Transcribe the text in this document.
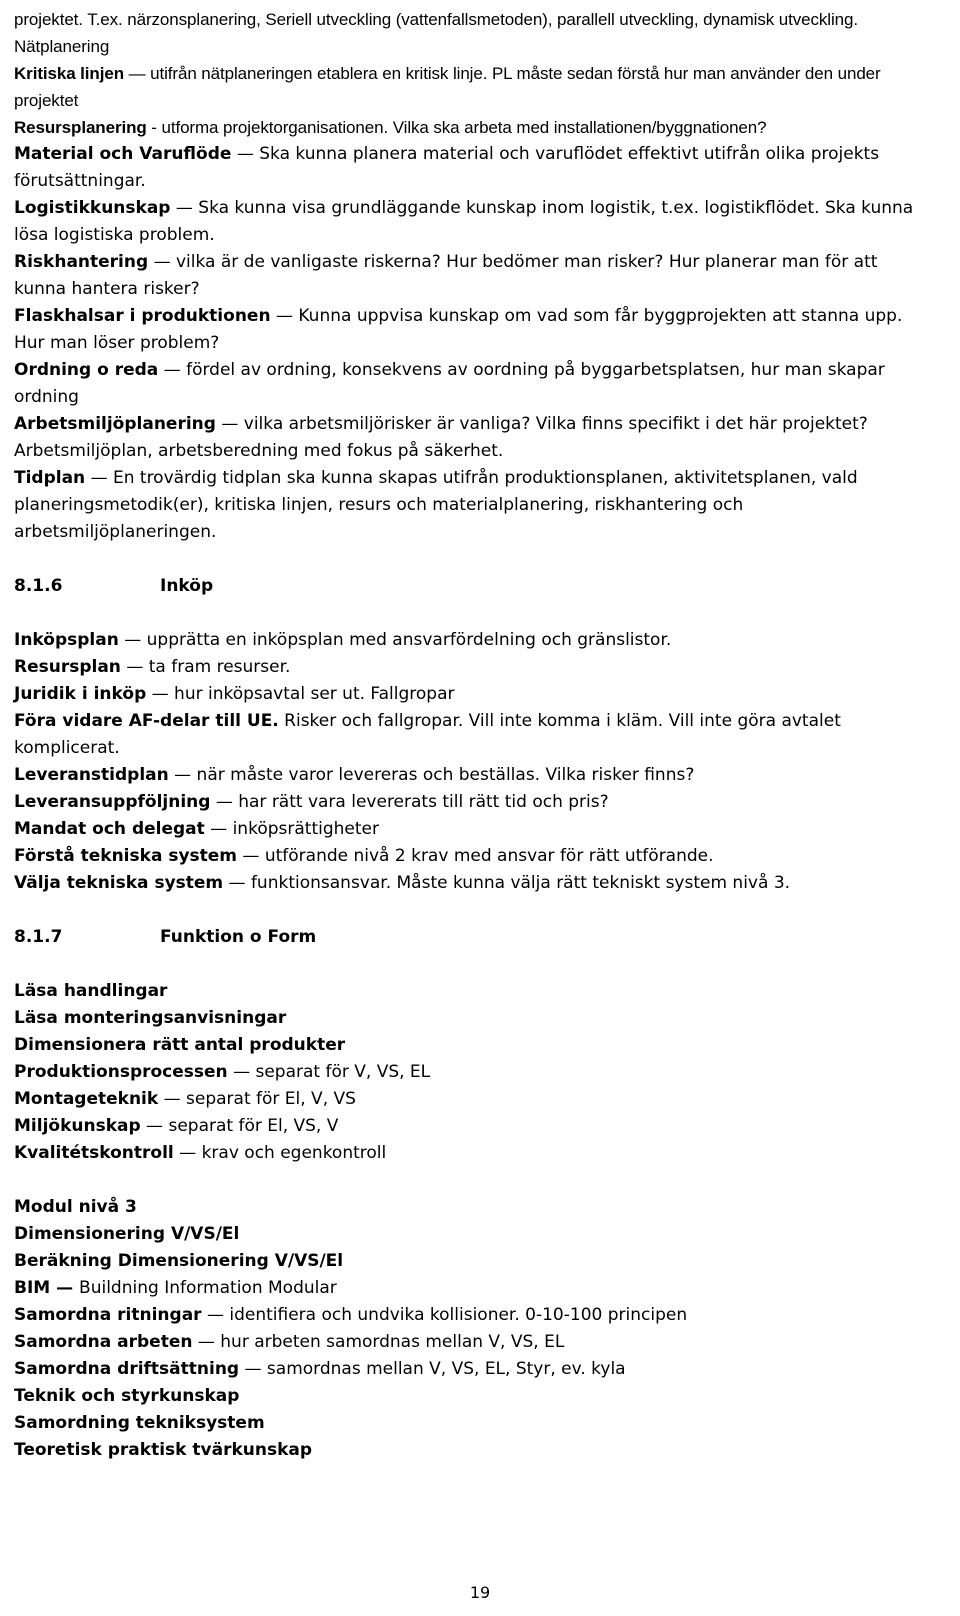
projektet. T.ex. närzonsplanering, Seriell utveckling (vattenfallsmetoden), parallell utveckling, dynamisk utveckling. Nätplanering

Kritiska linjen — utifrån nätplaneringen etablera en kritisk linje. PL måste sedan förstå hur man använder den under projektet

Resursplanering - utforma projektorganisationen. Vilka ska arbeta med installationen/byggnationen?

Material och Varuflöde — Ska kunna planera material och varuflödet effektivt utifrån olika projekts förutsättningar.

Logistikkunskap — Ska kunna visa grundläggande kunskap inom logistik, t.ex. logistikflödet. Ska kunna lösa logistiska problem.

Riskhantering — vilka är de vanligaste riskerna? Hur bedömer man risker? Hur planerar man för att kunna hantera risker?

Flaskhalsar i produktionen — Kunna uppvisa kunskap om vad som får byggprojekten att stanna upp. Hur man löser problem?

Ordning o reda — fördel av ordning, konsekvens av oordning på byggarbetsplatsen, hur man skapar ordning

Arbetsmiljöplanering — vilka arbetsmiljörisker är vanliga? Vilka finns specifikt i det här projektet? Arbetsmiljöplan, arbetsberedning med fokus på säkerhet.

Tidplan — En trovärdig tidplan ska kunna skapas utifrån produktionsplanen, aktivitetsplanen, vald planeringsmetodik(er), kritiska linjen, resurs och materialplanering, riskhantering och arbetsmiljöplaneringen.

8.1.6	Inköp

Inköpsplan — upprätta en inköpsplan med ansvarfördelning och gränslistor.

Resursplan — ta fram resurser.

Juridik i inköp — hur inköpsavtal ser ut. Fallgropar

Föra vidare AF-delar till UE. Risker och fallgropar. Vill inte komma i kläm. Vill inte göra avtalet komplicerat.

Leveranstidplan — när måste varor levereras och beställas. Vilka risker finns?

Leveransuppföljning — har rätt vara levererats till rätt tid och pris?

Mandat och delegat — inköpsrättigheter

Förstå tekniska system — utförande nivå 2 krav med ansvar för rätt utförande.

Välja tekniska system — funktionsansvar. Måste kunna välja rätt tekniskt system nivå 3.

8.1.7	Funktion o Form

Läsa handlingar

Läsa monteringsanvisningar

Dimensionera rätt antal produkter

Produktionsprocessen — separat för V, VS, EL

Montageteknik — separat för El, V, VS

Miljökunskap — separat för El, VS, V

Kvalitétskontroll — krav och egenkontroll

Modul nivå 3

Dimensionering V/VS/El

Beräkning Dimensionering V/VS/El

BIM — Buildning Information Modular

Samordna ritningar — identifiera och undvika kollisioner. 0-10-100 principen

Samordna arbeten — hur arbeten samordnas mellan V, VS, EL

Samordna driftsättning — samordnas mellan V, VS, EL, Styr, ev. kyla

Teknik och styrkunskap

Samordning tekniksystem

Teoretisk praktisk tvärkunskap

19
